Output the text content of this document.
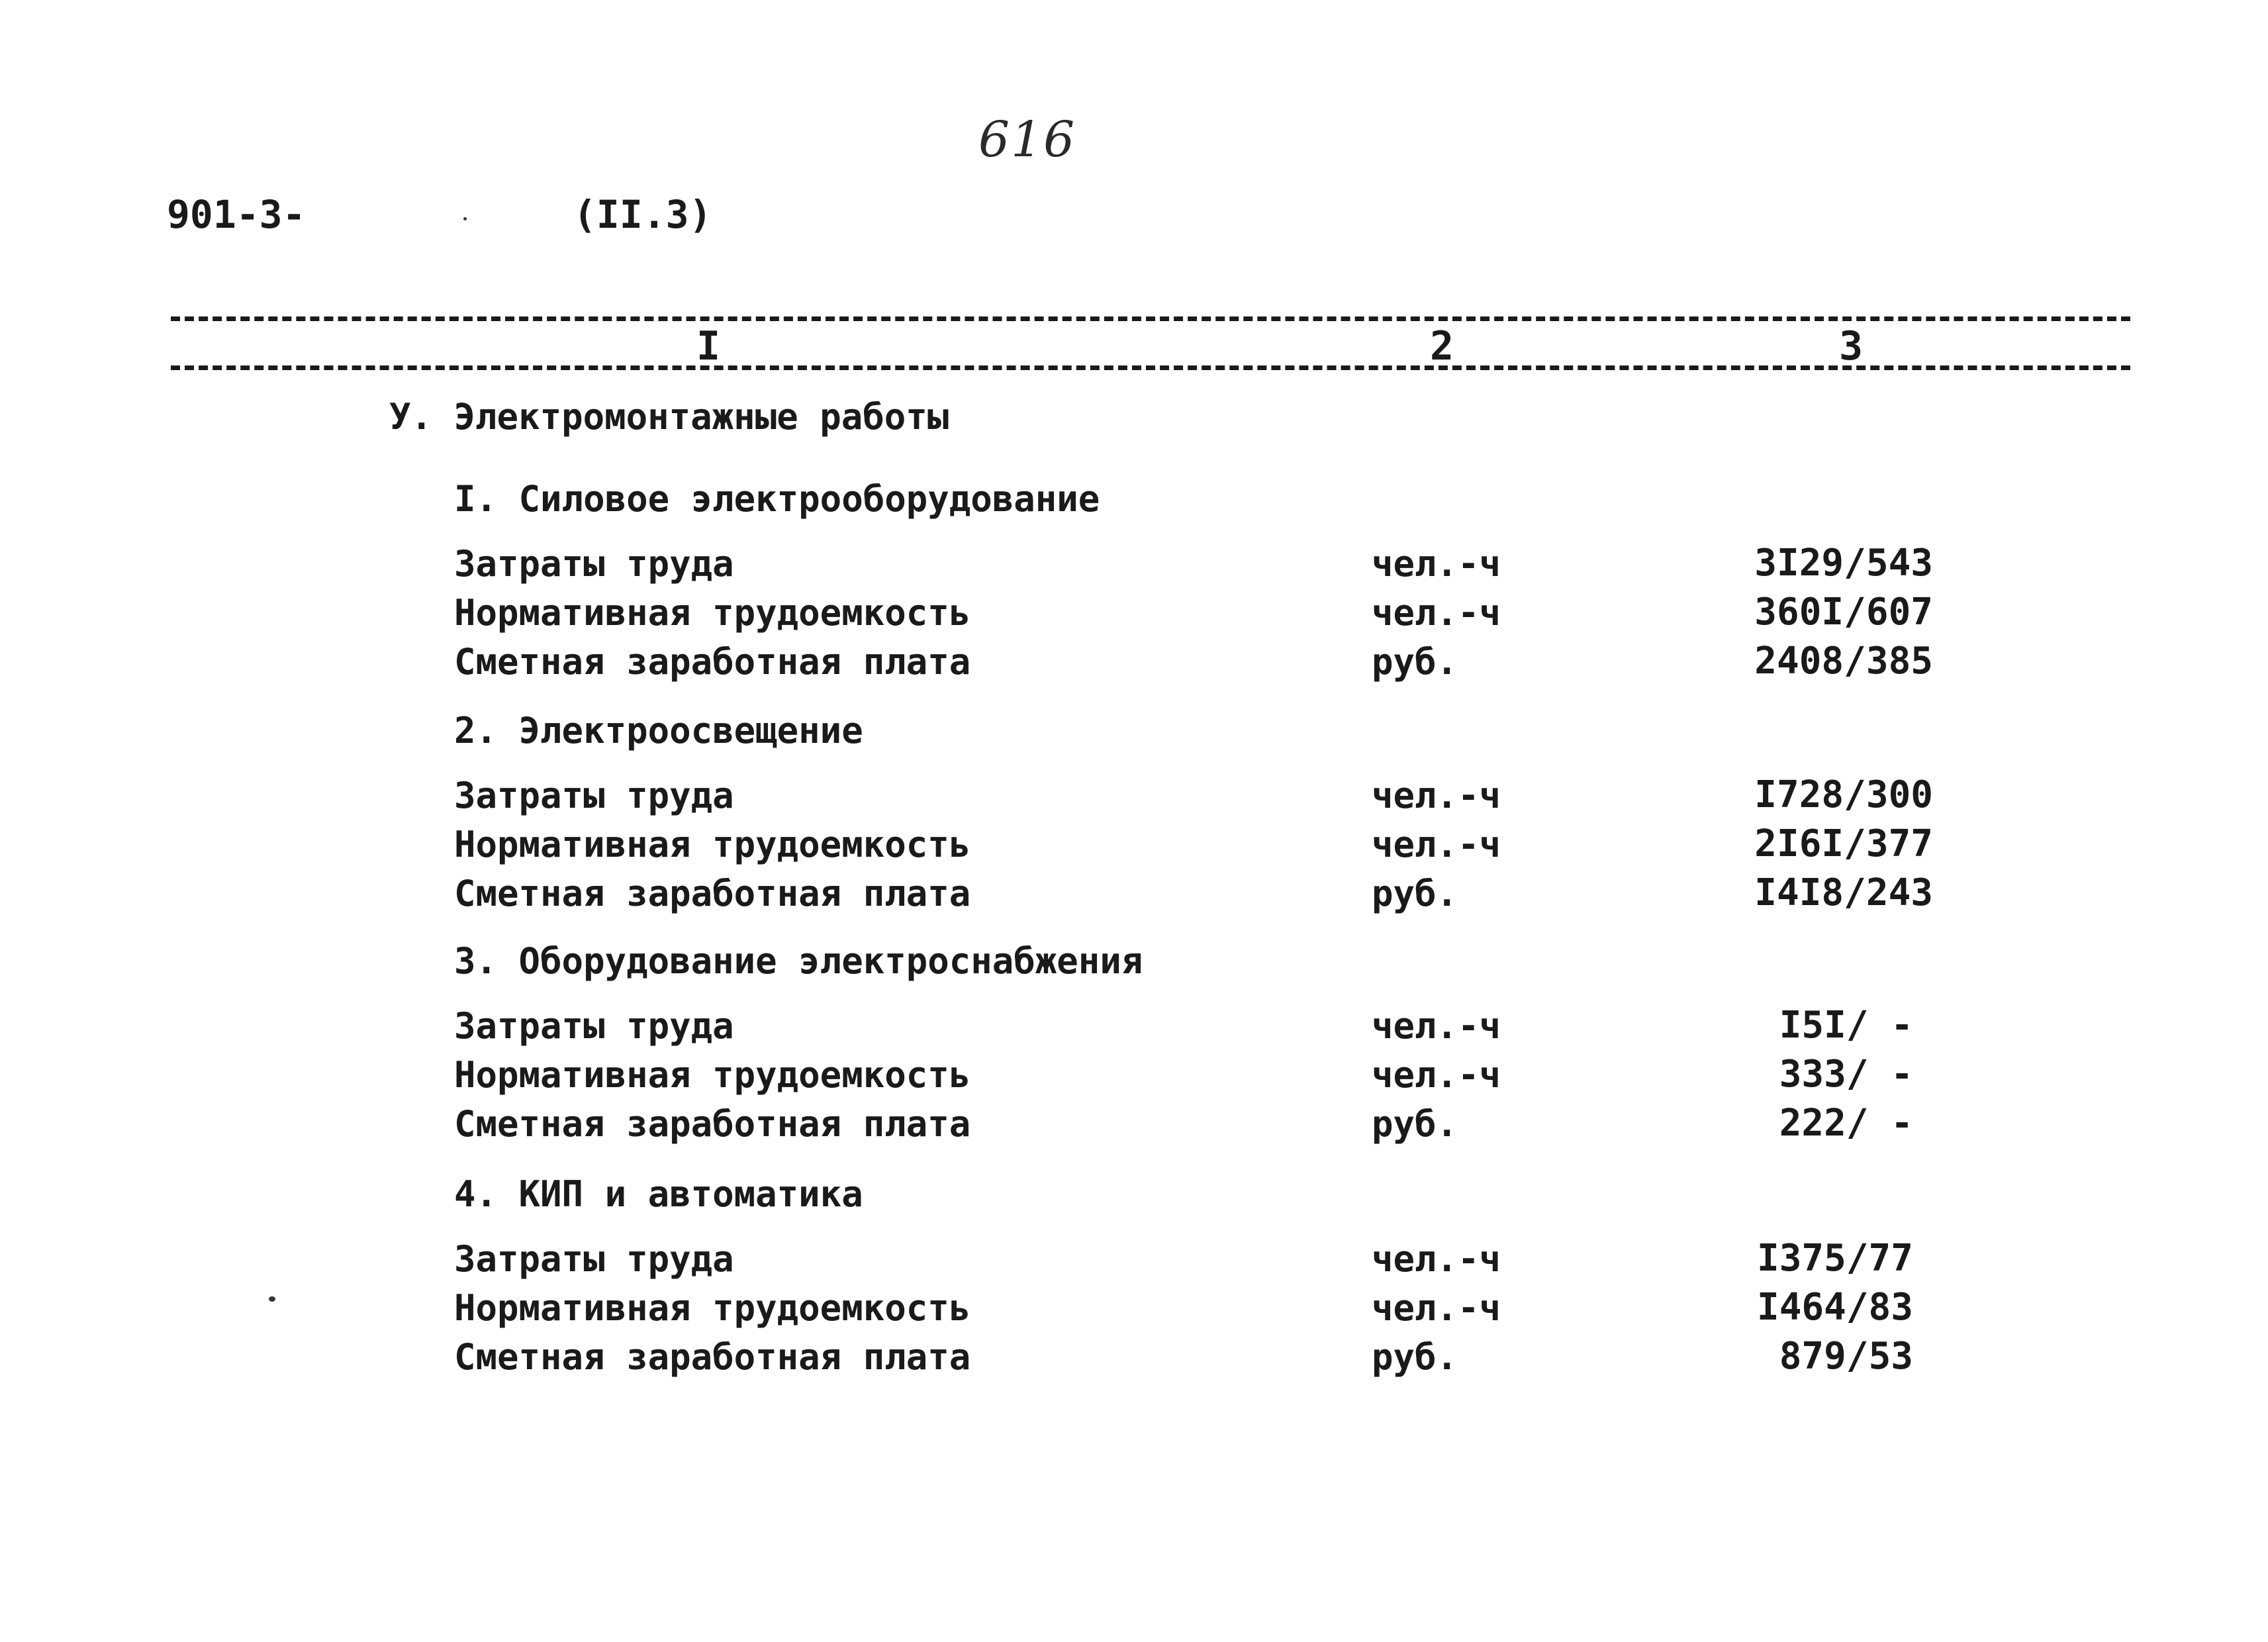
616
901-3-	(II.3)
I	2	3
У. Электромонтажные работы
I. Силовое электрооборудование
Затраты труда	чел.-ч	3I29/543
Нормативная трудоемкость	чел.-ч	360I/607
Сметная заработная плата	руб.	2408/385
2. Электроосвещение
Затраты труда	чел.-ч	I728/300
Нормативная трудоемкость	чел.-ч	2I6I/377
Сметная заработная плата	руб.	I4I8/243
3. Оборудование электроснабжения
Затраты труда	чел.-ч	I5I/ -
Нормативная трудоемкость	чел.-ч	333/ -
Сметная заработная плата	руб.	222/ -
4. КИП и автоматика
Затраты труда	чел.-ч	I375/77
Нормативная трудоемкость	чел.-ч	I464/83
Сметная заработная плата	руб.	879/53
